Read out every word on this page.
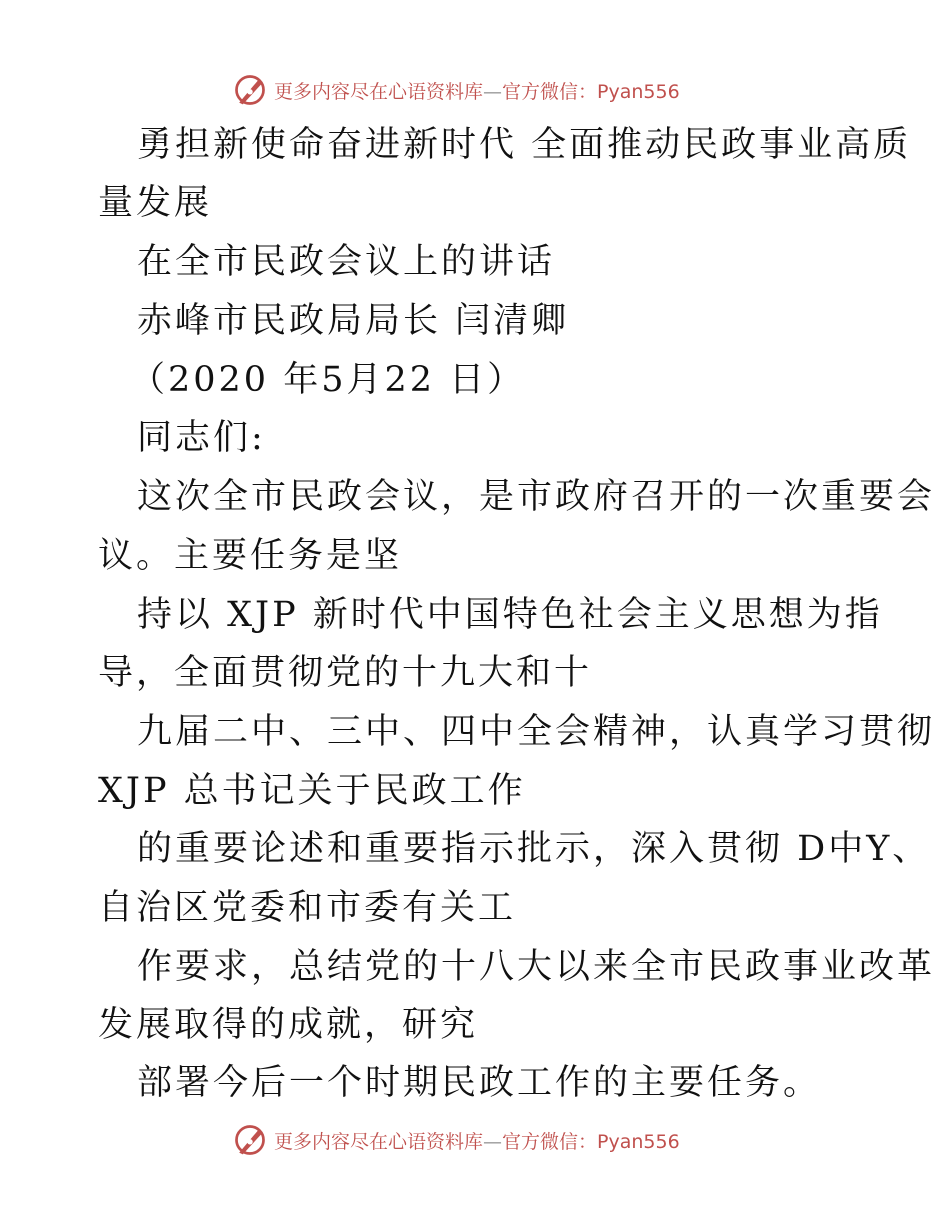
更多内容尽在心语资料库—官方微信：Pyan556
勇担新使命奋进新时代 全面推动民政事业高质
量发展
在全市民政会议上的讲话
赤峰市民政局局长 闫清卿
（2020 年5月22 日）
同志们:
这次全市民政会议，是市政府召开的一次重要会
议。主要任务是坚
持以 XJP 新时代中国特色社会主义思想为指
导，全面贯彻党的十九大和十
九届二中、三中、四中全会精神，认真学习贯彻
XJP 总书记关于民政工作
的重要论述和重要指示批示，深入贯彻 D中Y、
自治区党委和市委有关工
作要求，总结党的十八大以来全市民政事业改革
发展取得的成就，研究
部署今后一个时期民政工作的主要任务。
更多内容尽在心语资料库—官方微信：Pyan556
